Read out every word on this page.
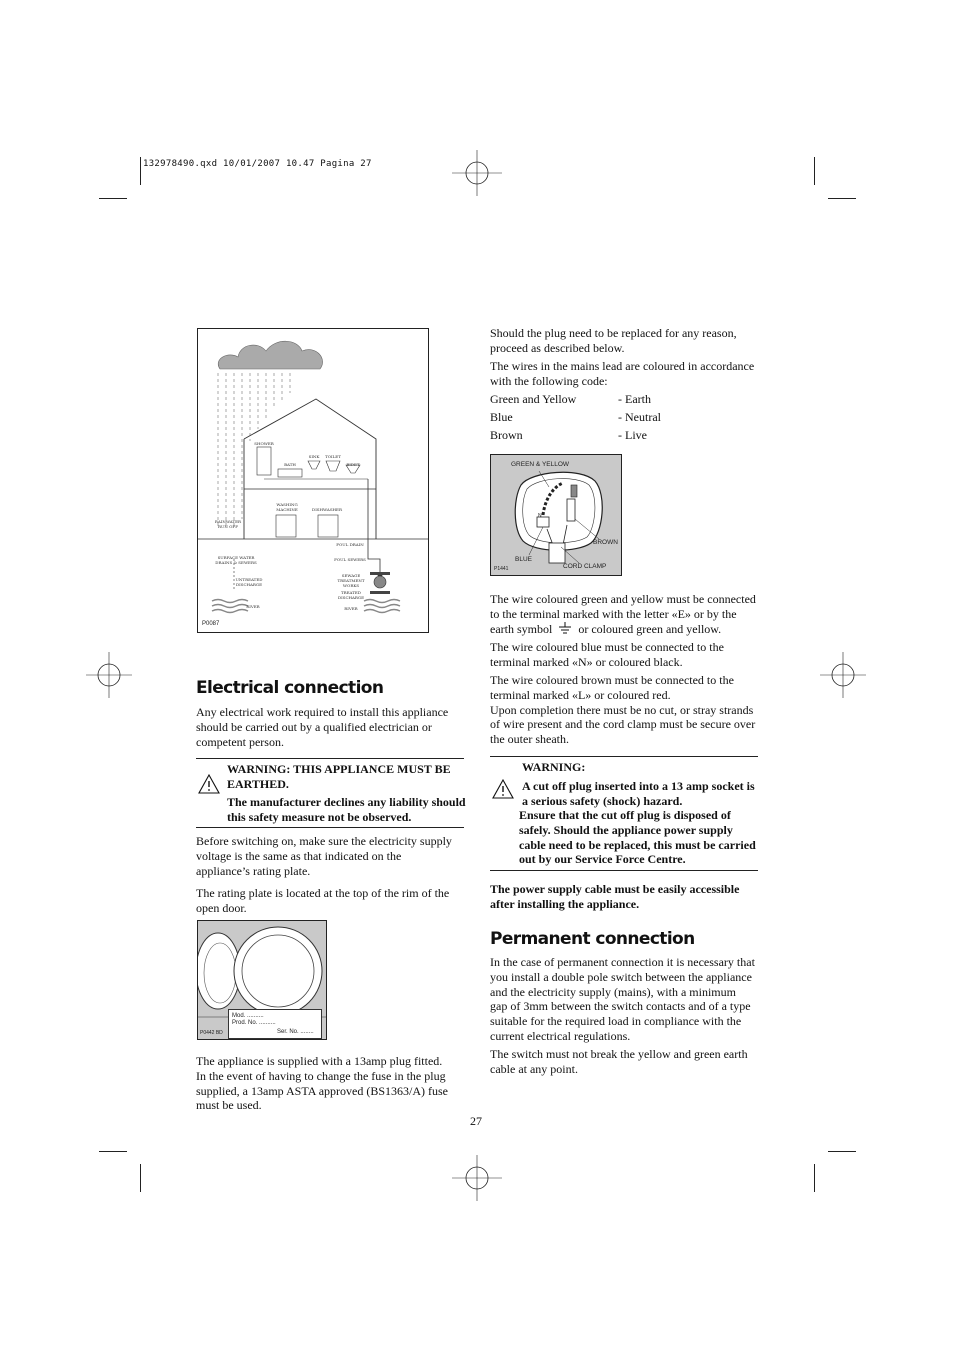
132978490.qxd 10/01/2007 10.47 Pagina 27
SHOWER
BATH
SINK	TOILET
BIDET
WASHING MACHINE	DISHWASHER
RAINWATER RUN OFF
FOUL DRAIN
SURFACE WATER DRAINS & SEWERS
FOUL SEWERS
UNTREATED DISCHARGE
SEWAGE TREATMENT WORKS
TREATED DISCHARGE
RIVER	RIVER
P0087
Electrical connection

Any electrical work required to install this appliance should be carried out by a qualified electrician or competent person.

WARNING: THIS APPLIANCE MUST BE

EARTHED.

The manufacturer declines any liability should this safety measure not be observed.

Before switching on, make sure the electricity supply voltage is the same as that indicated on the appliance’s rating plate.

The rating plate is located at the top of the rim of the open door.

Mod. ..........
Prod. No. ..........
Ser. No. ........
P0442 BD

The appliance is supplied with a 13amp plug fitted.
In the event of having to change the fuse in the plug supplied, a 13amp ASTA approved (BS1363/A) fuse must be used.

Should the plug need to be replaced for any reason, proceed as described below.

The wires in the mains lead are coloured in accordance with the following code:

Green and Yellow	- Earth
Blue	- Neutral
Brown	- Live
GREEN & YELLOW
N
BROWN
BLUE
CORD CLAMP
P1441

The wire coloured green and yellow must be connected to the terminal marked with the letter «E» or by the earth symbol or coloured green and yellow.

The wire coloured blue must be connected to the terminal marked «N» or coloured black.

The wire coloured brown must be connected to the terminal marked «L» or coloured red.
Upon completion there must be no cut, or stray strands of wire present and the cord clamp must be secure over the outer sheath.

WARNING:

A cut off plug inserted into a 13 amp socket is a serious safety (shock) hazard.

Ensure that the cut off plug is disposed of safely. Should the appliance power supply cable need to be replaced, this must be carried out by our Service Force Centre.

The power supply cable must be easily accessible after installing the appliance.

Permanent connection

In the case of permanent connection it is necessary that you install a double pole switch between the appliance and the electricity supply (mains), with a minimum gap of 3mm between the switch contacts and of a type suitable for the required load in compliance with the current electrical regulations.

The switch must not break the yellow and green earth cable at any point.

27
